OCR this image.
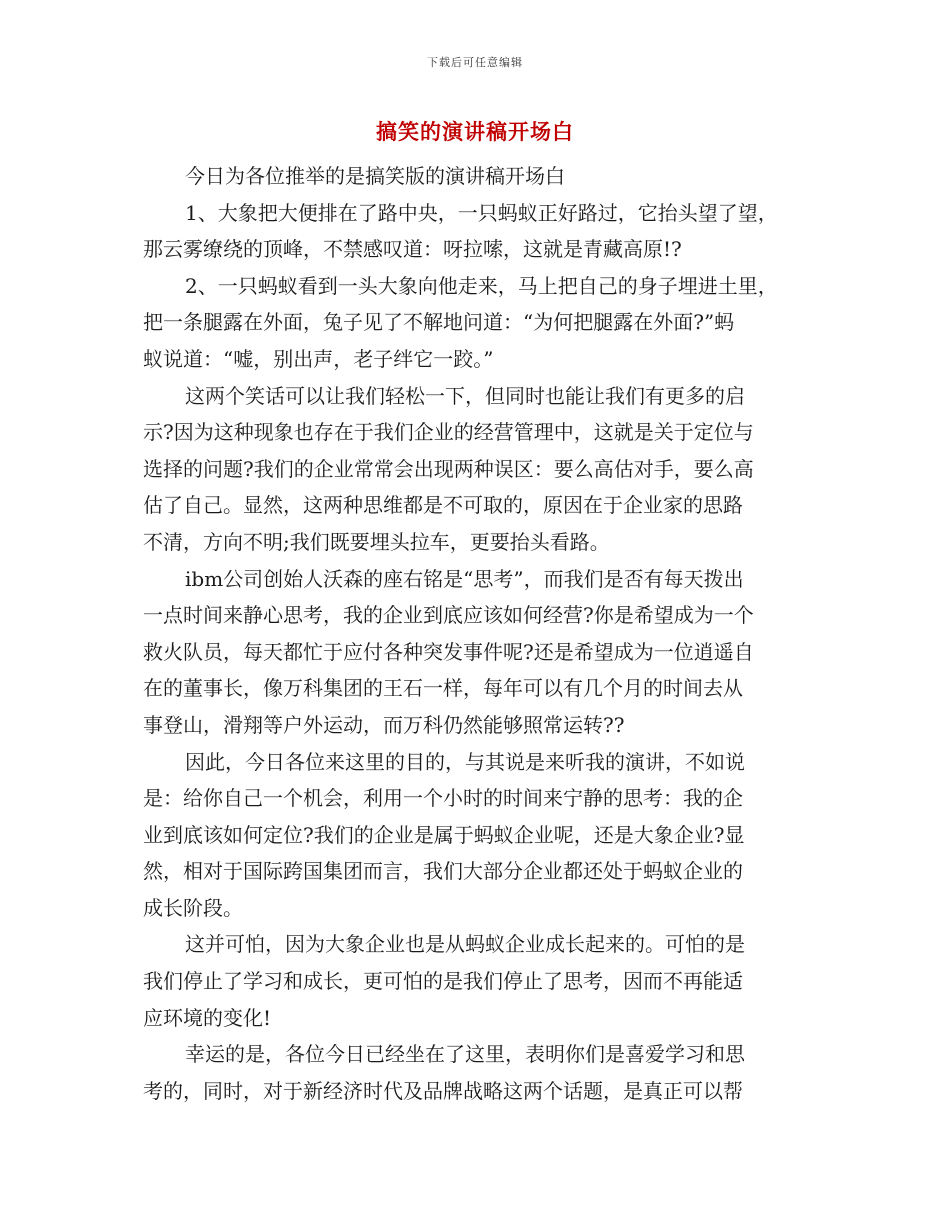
下载后可任意编辑
搞笑的演讲稿开场白
今日为各位推举的是搞笑版的演讲稿开场白
1、大象把大便排在了路中央，一只蚂蚁正好路过，它抬头望了望，
那云雾缭绕的顶峰，不禁感叹道：呀拉嗦，这就是青藏高原!?
2、一只蚂蚁看到一头大象向他走来，马上把自己的身子埋进土里，
把一条腿露在外面，兔子见了不解地问道：“为何把腿露在外面?”蚂
蚁说道：“嘘，别出声，老子绊它一跤。”
这两个笑话可以让我们轻松一下，但同时也能让我们有更多的启
示?因为这种现象也存在于我们企业的经营管理中，这就是关于定位与
选择的问题?我们的企业常常会出现两种误区：要么高估对手，要么高
估了自己。显然，这两种思维都是不可取的，原因在于企业家的思路
不清，方向不明;我们既要埋头拉车，更要抬头看路。
ibm公司创始人沃森的座右铭是“思考”，而我们是否有每天拨出
一点时间来静心思考，我的企业到底应该如何经营?你是希望成为一个
救火队员，每天都忙于应付各种突发事件呢?还是希望成为一位逍遥自
在的董事长，像万科集团的王石一样，每年可以有几个月的时间去从
事登山，滑翔等户外运动，而万科仍然能够照常运转??
因此，今日各位来这里的目的，与其说是来听我的演讲，不如说
是：给你自己一个机会，利用一个小时的时间来宁静的思考：我的企
业到底该如何定位?我们的企业是属于蚂蚁企业呢，还是大象企业?显
然，相对于国际跨国集团而言，我们大部分企业都还处于蚂蚁企业的
成长阶段。
这并可怕，因为大象企业也是从蚂蚁企业成长起来的。可怕的是
我们停止了学习和成长，更可怕的是我们停止了思考，因而不再能适
应环境的变化!
幸运的是，各位今日已经坐在了这里，表明你们是喜爱学习和思
考的，同时，对于新经济时代及品牌战略这两个话题，是真正可以帮
